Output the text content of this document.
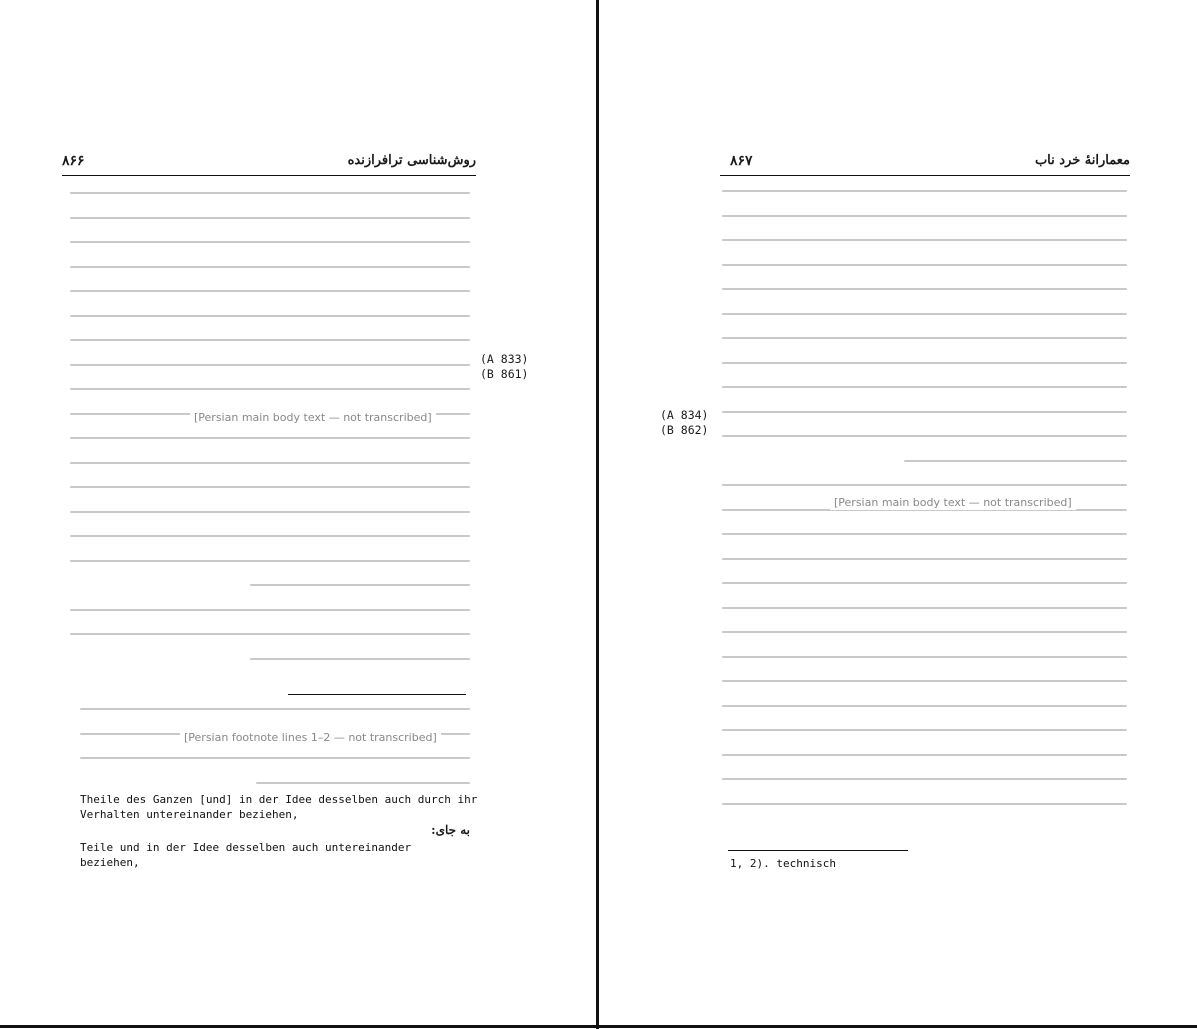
روش‌شناسی ترافرازنده
۸۶۶
(A 833)
(B 861)
[Persian main body text — not transcribed]
[Persian footnote lines 1–2 — not transcribed]
Theile des Ganzen [und] in der Idee desselben auch durch ihr
Verhalten untereinander beziehen,
به جای:
Teile und in der Idee desselben auch untereinander
beziehen,
معمارانهٔ خرد ناب
۸۶۷
(A 834)
(B 862)
[Persian main body text — not transcribed]
1, 2). technisch
